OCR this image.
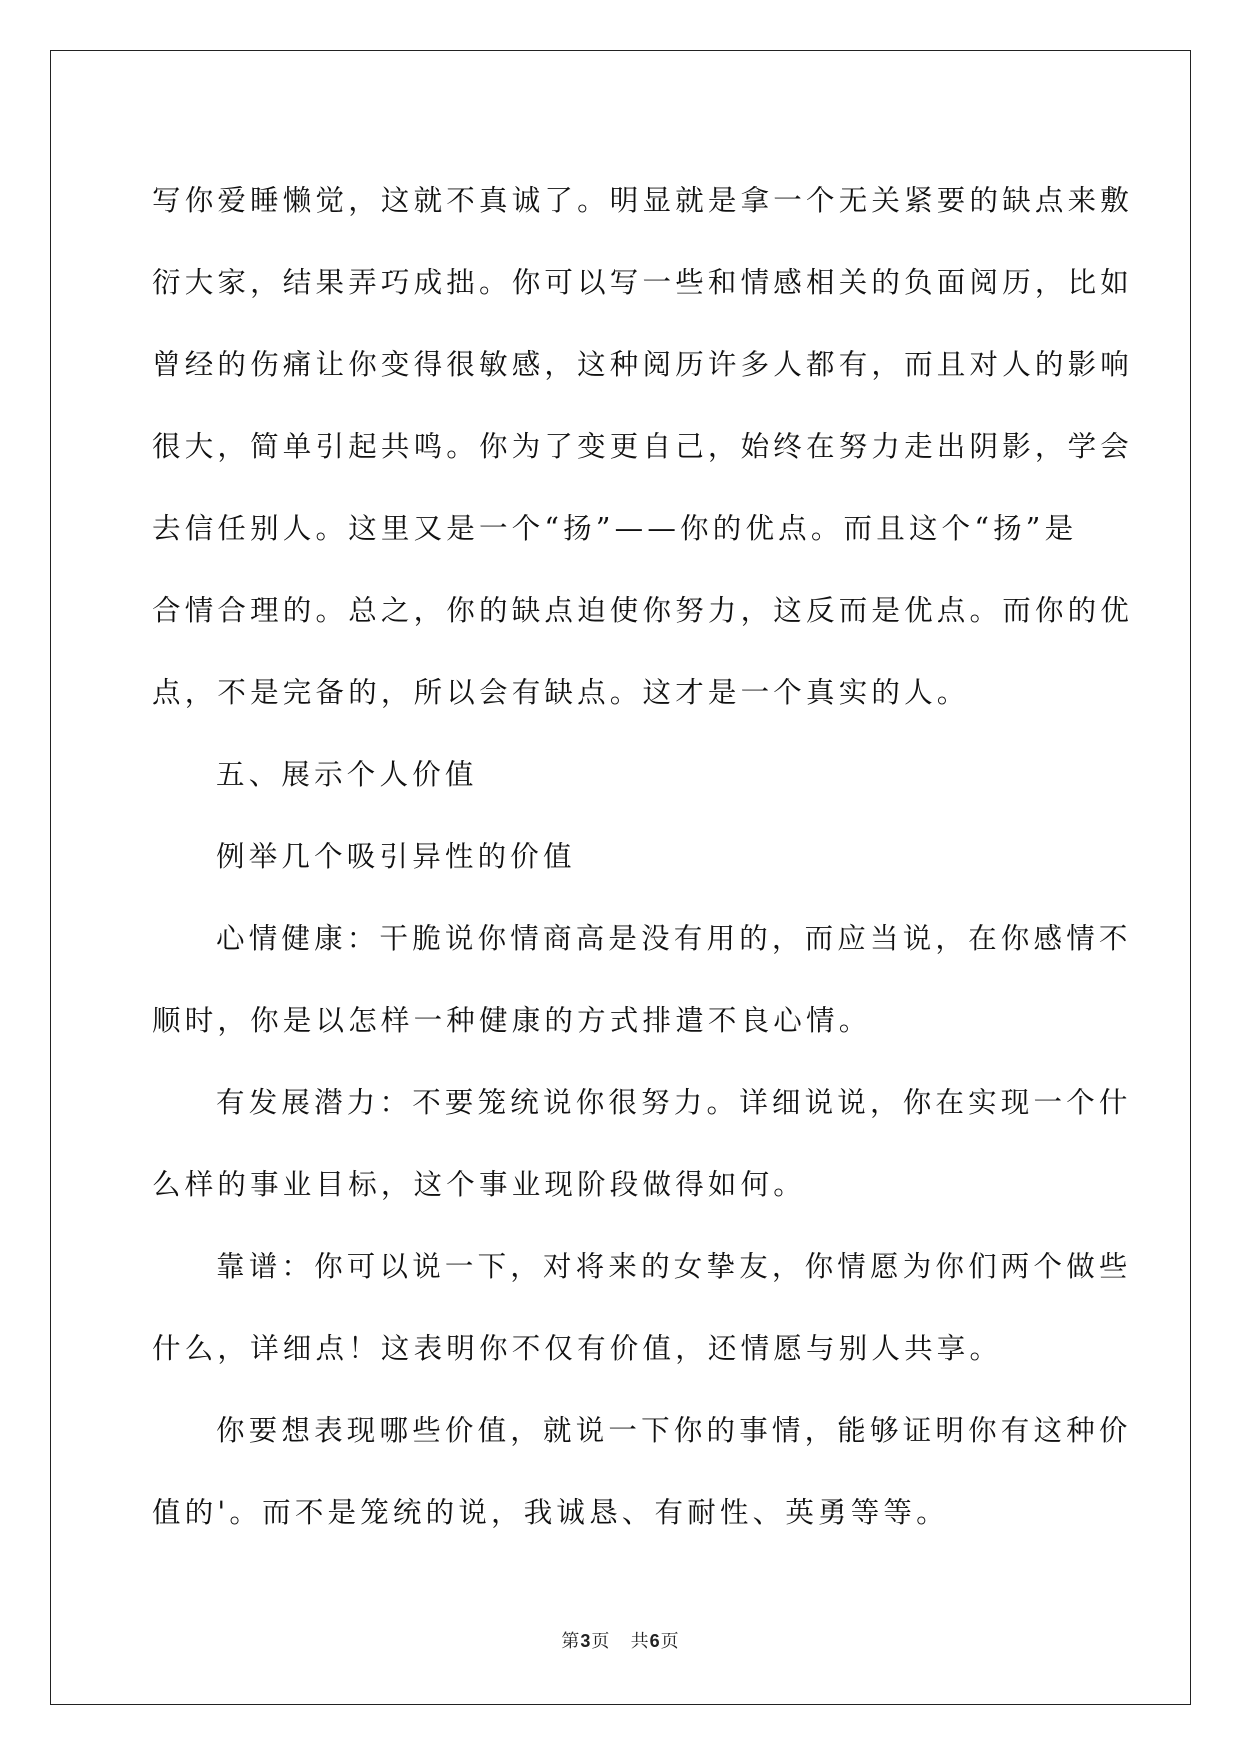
写你爱睡懒觉，这就不真诚了。明显就是拿一个无关紧要的缺点来敷
衍大家，结果弄巧成拙。你可以写一些和情感相关的负面阅历，比如
曾经的伤痛让你变得很敏感，这种阅历许多人都有，而且对人的影响
很大，简单引起共鸣。你为了变更自己，始终在努力走出阴影，学会
去信任别人。这里又是一个“扬”——你的优点。而且这个“扬”是
合情合理的。总之，你的缺点迫使你努力，这反而是优点。而你的优
点，不是完备的，所以会有缺点。这才是一个真实的人。

五、展示个人价值

例举几个吸引异性的价值

心情健康：干脆说你情商高是没有用的，而应当说，在你感情不
顺时，你是以怎样一种健康的方式排遣不良心情。

有发展潜力：不要笼统说你很努力。详细说说，你在实现一个什
么样的事业目标，这个事业现阶段做得如何。

靠谱：你可以说一下，对将来的女挚友，你情愿为你们两个做些
什么，详细点！这表明你不仅有价值，还情愿与别人共享。

你要想表现哪些价值，就说一下你的事情，能够证明你有这种价
值的'。而不是笼统的说，我诚恳、有耐性、英勇等等。

第3页 共6页
